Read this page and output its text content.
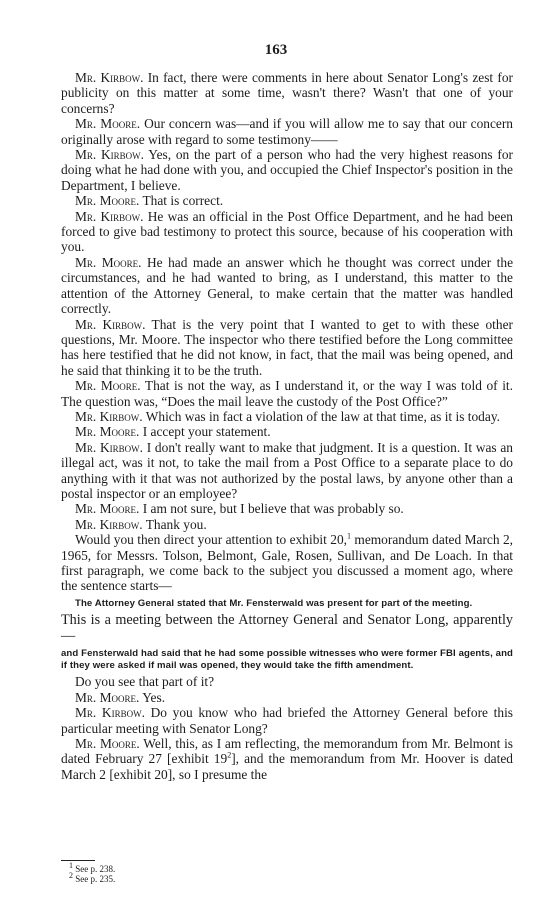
163

Mr. Kirbow. In fact, there were comments in here about Senator Long's zest for publicity on this matter at some time, wasn't there? Wasn't that one of your concerns?

Mr. Moore. Our concern was—and if you will allow me to say that our concern originally arose with regard to some testimony——

Mr. Kirbow. Yes, on the part of a person who had the very highest reasons for doing what he had done with you, and occupied the Chief Inspector's position in the Department, I believe.

Mr. Moore. That is correct.

Mr. Kirbow. He was an official in the Post Office Department, and he had been forced to give bad testimony to protect this source, because of his cooperation with you.

Mr. Moore. He had made an answer which he thought was correct under the circumstances, and he had wanted to bring, as I understand, this matter to the attention of the Attorney General, to make certain that the matter was handled correctly.

Mr. Kirbow. That is the very point that I wanted to get to with these other questions, Mr. Moore. The inspector who there testified before the Long committee has here testified that he did not know, in fact, that the mail was being opened, and he said that thinking it to be the truth.

Mr. Moore. That is not the way, as I understand it, or the way I was told of it. The question was, “Does the mail leave the custody of the Post Office?”

Mr. Kirbow. Which was in fact a violation of the law at that time, as it is today.

Mr. Moore. I accept your statement.

Mr. Kirbow. I don't really want to make that judgment. It is a question. It was an illegal act, was it not, to take the mail from a Post Office to a separate place to do anything with it that was not authorized by the postal laws, by anyone other than a postal inspector or an employee?

Mr. Moore. I am not sure, but I believe that was probably so.

Mr. Kirbow. Thank you.

Would you then direct your attention to exhibit 20,$^1$ memorandum dated March 2, 1965, for Messrs. Tolson, Belmont, Gale, Rosen, Sullivan, and De Loach. In that first paragraph, we come back to the subject you discussed a moment ago, where the sentence starts—

The Attorney General stated that Mr. Fensterwald was present for part of the meeting.

This is a meeting between the Attorney General and Senator Long, apparently—

and Fensterwald had said that he had some possible witnesses who were former FBI agents, and if they were asked if mail was opened, they would take the fifth amendment.

Do you see that part of it?

Mr. Moore. Yes.

Mr. Kirbow. Do you know who had briefed the Attorney General before this particular meeting with Senator Long?

Mr. Moore. Well, this, as I am reflecting, the memorandum from Mr. Belmont is dated February 27 [exhibit $19^2$], and the memorandum from Mr. Hoover is dated March 2 [exhibit 20], so I presume the

$^1$ See p. 238.
$^2$ See p. 235.
